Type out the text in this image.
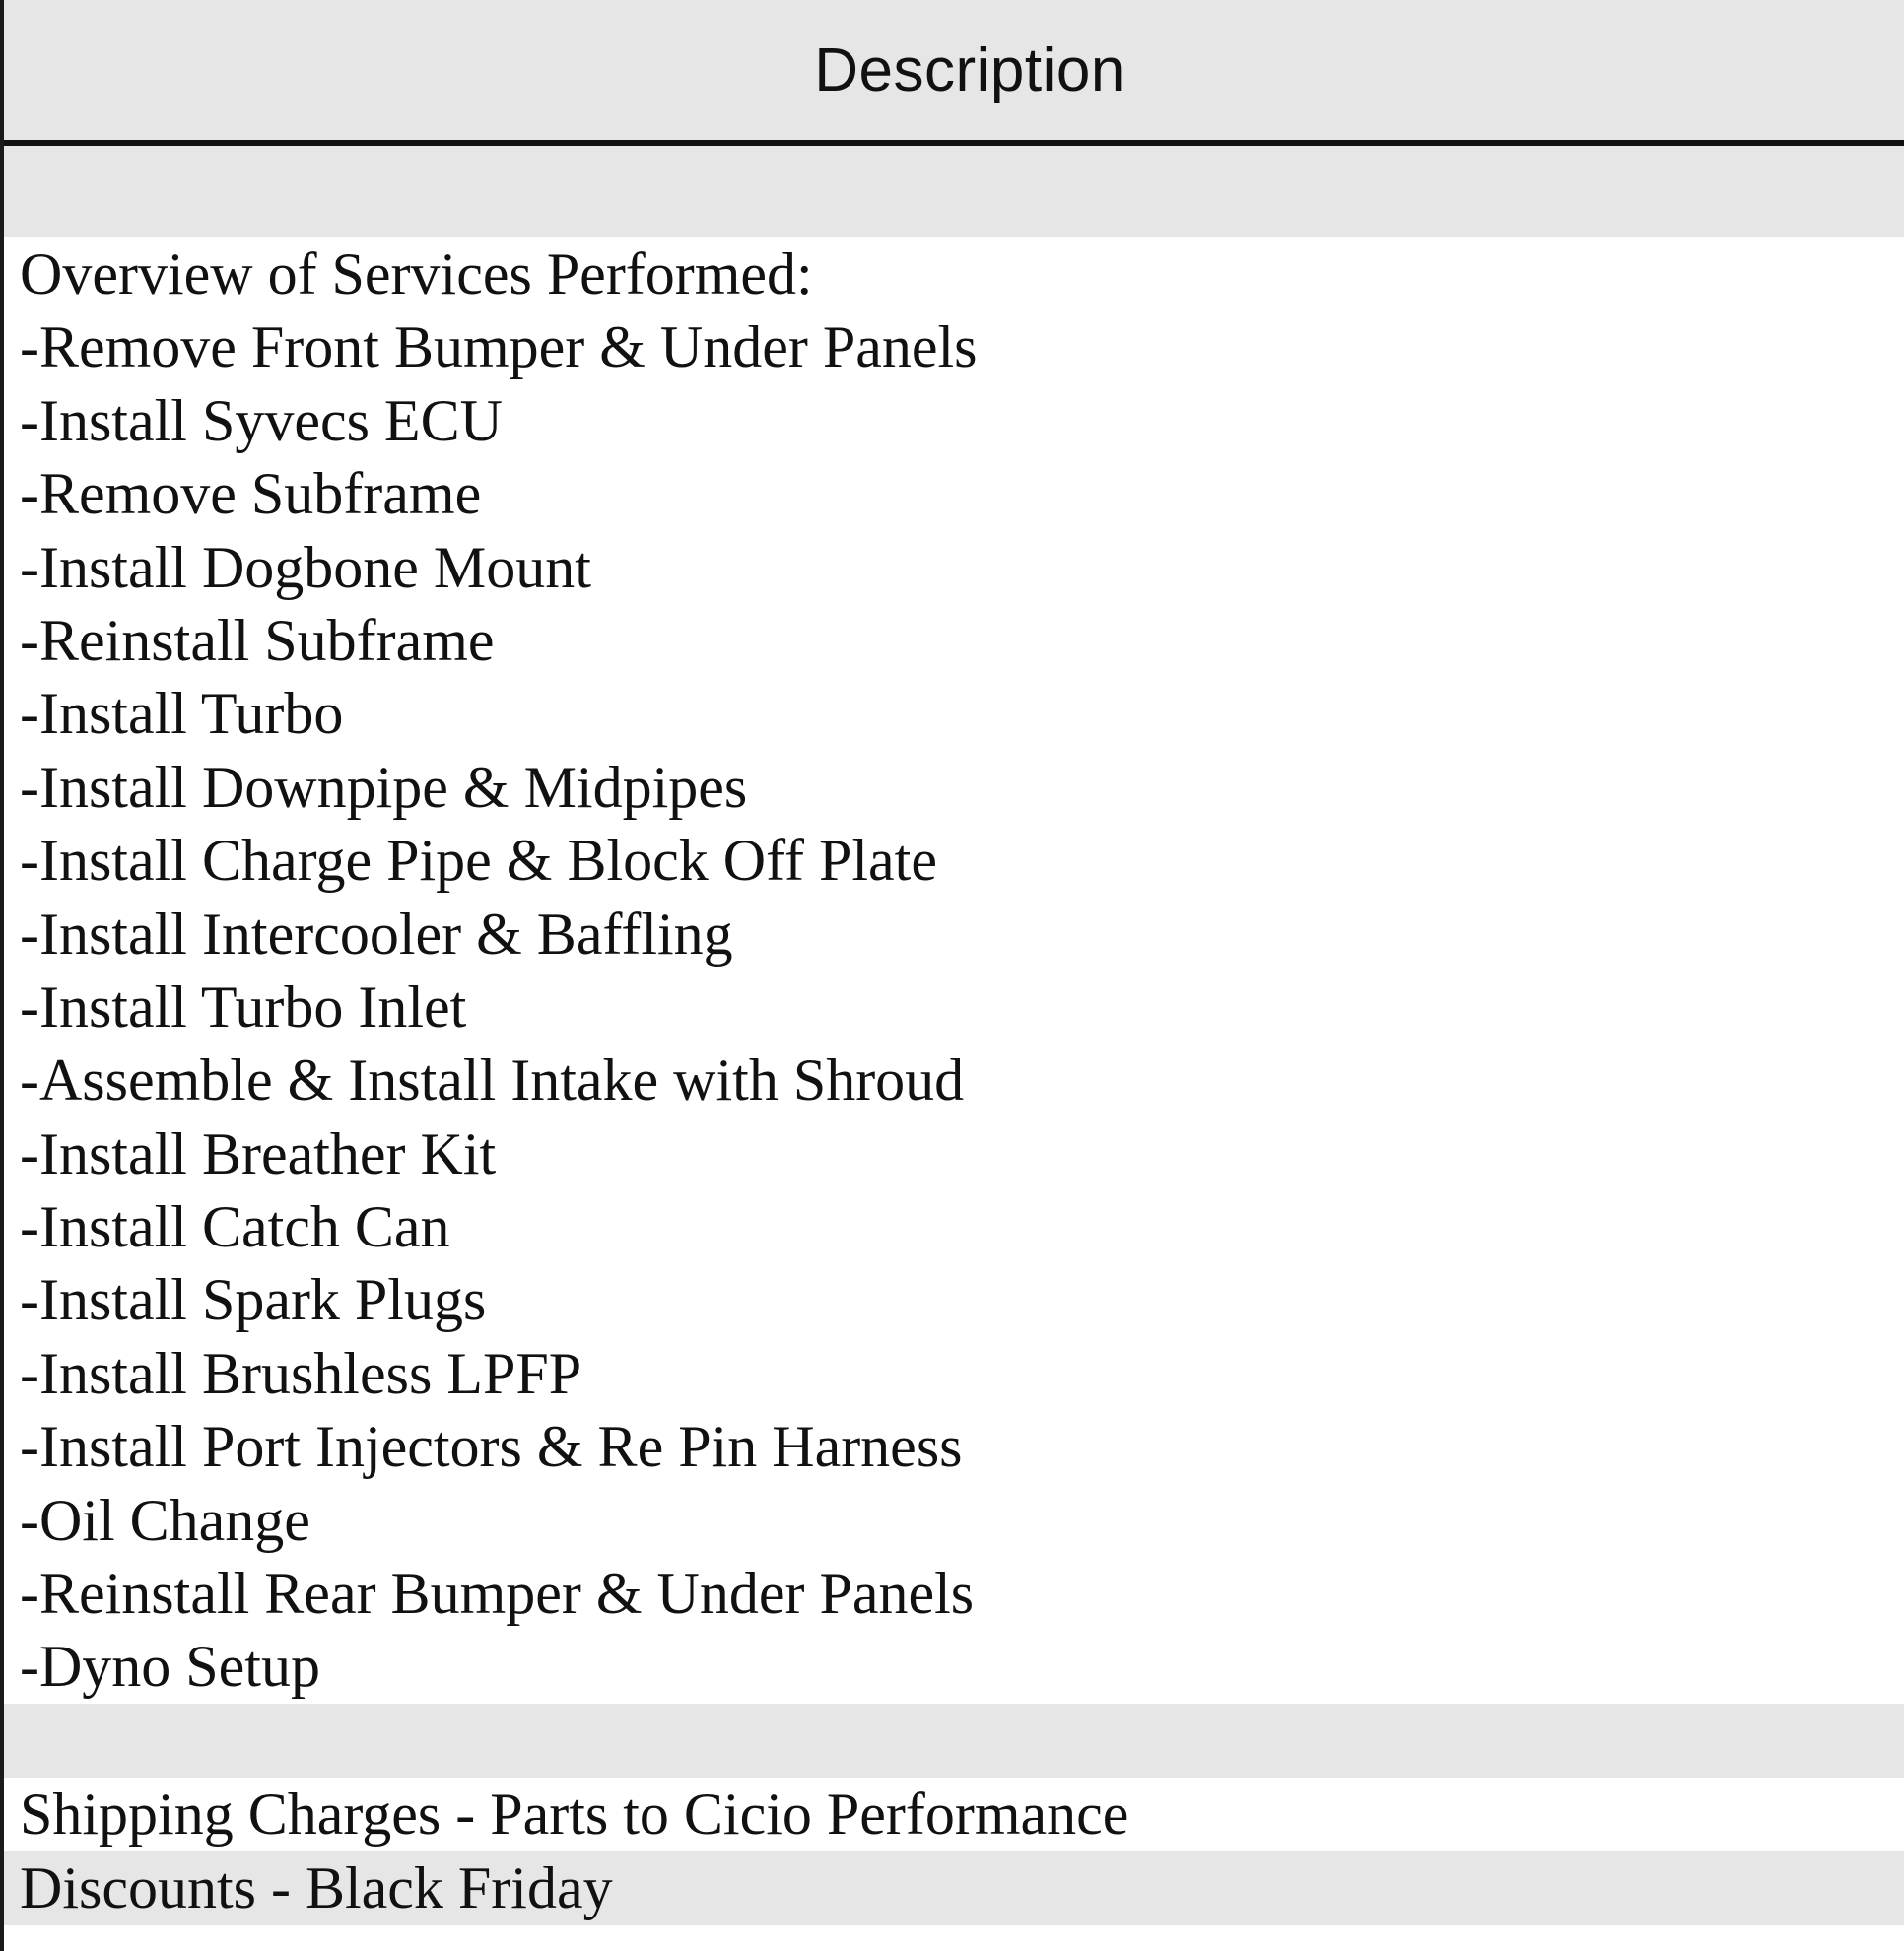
Description
Overview of Services Performed:
-Remove Front Bumper & Under Panels
-Install Syvecs ECU
-Remove Subframe
-Install Dogbone Mount
-Reinstall Subframe
-Install Turbo
-Install Downpipe & Midpipes
-Install Charge Pipe & Block Off Plate
-Install Intercooler & Baffling
-Install Turbo Inlet
-Assemble & Install Intake with Shroud
-Install Breather Kit
-Install Catch Can
-Install Spark Plugs
-Install Brushless LPFP
-Install Port Injectors & Re Pin Harness
-Oil Change
-Reinstall Rear Bumper & Under Panels
-Dyno Setup
Shipping Charges - Parts to Cicio Performance
Discounts - Black Friday
